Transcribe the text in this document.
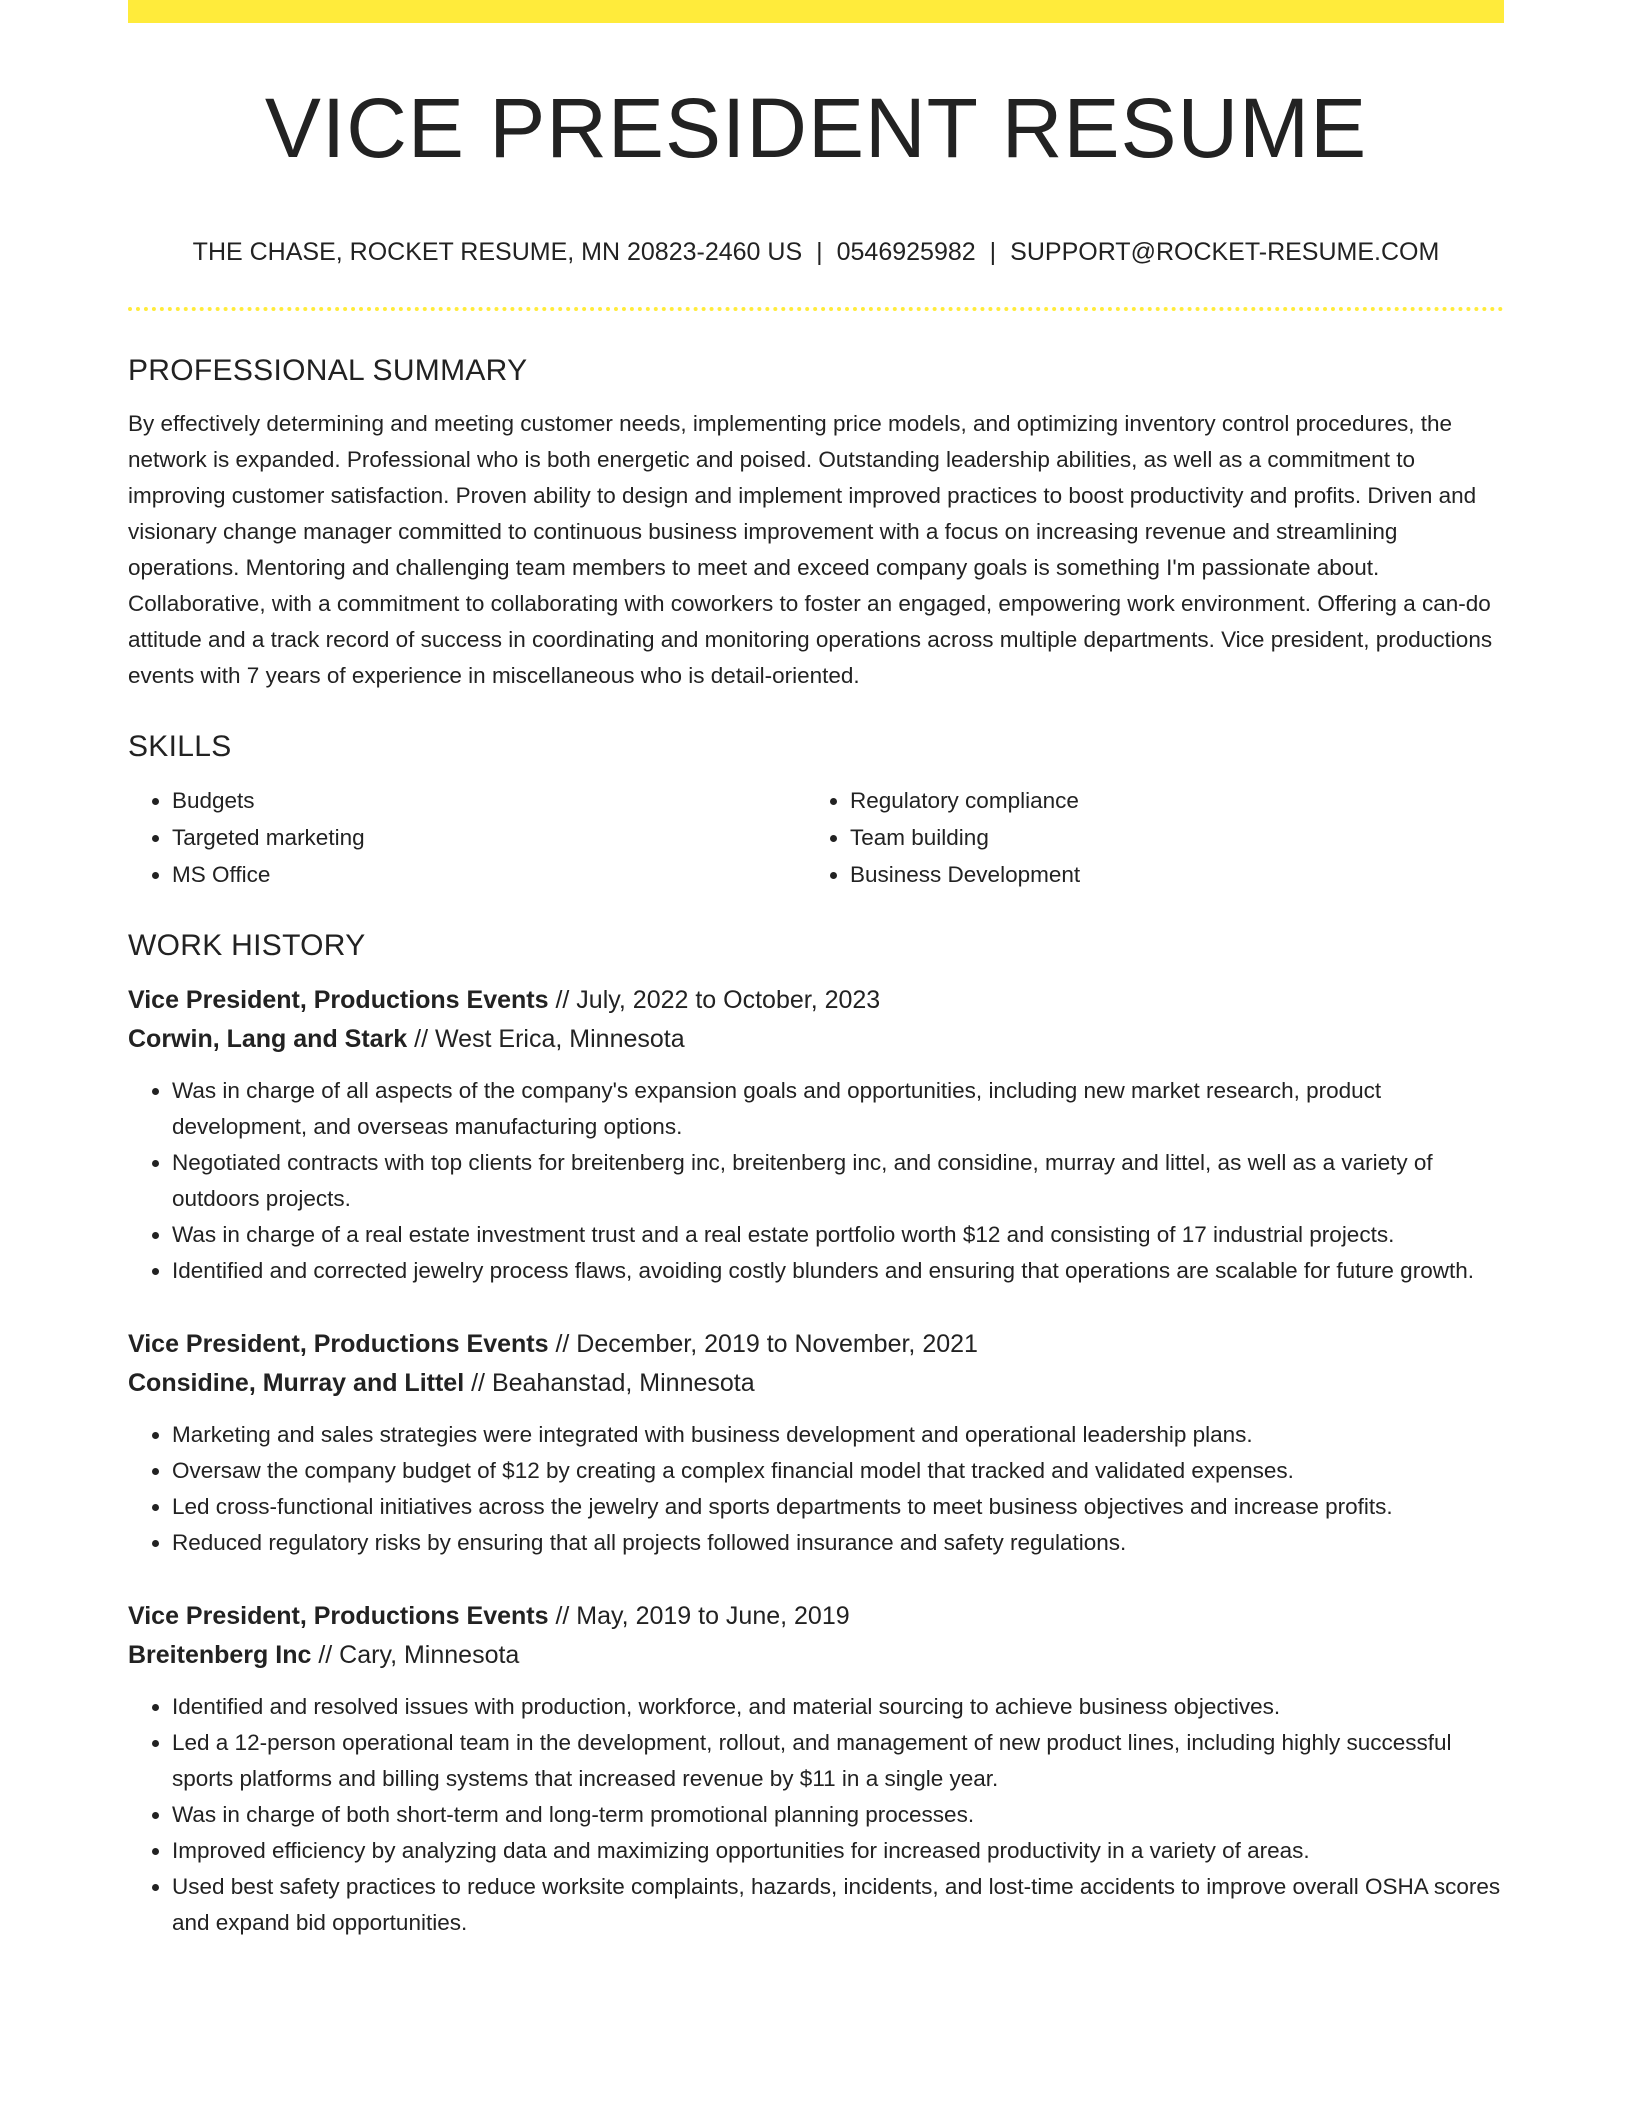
VICE PRESIDENT RESUME
THE CHASE, ROCKET RESUME, MN 20823-2460 US | 0546925982 | SUPPORT@ROCKET-RESUME.COM
PROFESSIONAL SUMMARY

By effectively determining and meeting customer needs, implementing price models, and optimizing inventory control procedures, the network is expanded. Professional who is both energetic and poised. Outstanding leadership abilities, as well as a commitment to improving customer satisfaction. Proven ability to design and implement improved practices to boost productivity and profits. Driven and visionary change manager committed to continuous business improvement with a focus on increasing revenue and streamlining operations. Mentoring and challenging team members to meet and exceed company goals is something I'm passionate about. Collaborative, with a commitment to collaborating with coworkers to foster an engaged, empowering work environment. Offering a can-do attitude and a track record of success in coordinating and monitoring operations across multiple departments. Vice president, productions events with 7 years of experience in miscellaneous who is detail-oriented.

SKILLS
• Budgets
• Targeted marketing
• MS Office
• Regulatory compliance
• Team building
• Business Development
WORK HISTORY
Vice President, Productions Events // July, 2022 to October, 2023
Corwin, Lang and Stark // West Erica, Minnesota
• Was in charge of all aspects of the company's expansion goals and opportunities, including new market research, product development, and overseas manufacturing options.
• Negotiated contracts with top clients for breitenberg inc, breitenberg inc, and considine, murray and littel, as well as a variety of outdoors projects.
• Was in charge of a real estate investment trust and a real estate portfolio worth $12 and consisting of 17 industrial projects.
• Identified and corrected jewelry process flaws, avoiding costly blunders and ensuring that operations are scalable for future growth.
Vice President, Productions Events // December, 2019 to November, 2021
Considine, Murray and Littel // Beahanstad, Minnesota
• Marketing and sales strategies were integrated with business development and operational leadership plans.
• Oversaw the company budget of $12 by creating a complex financial model that tracked and validated expenses.
• Led cross-functional initiatives across the jewelry and sports departments to meet business objectives and increase profits.
• Reduced regulatory risks by ensuring that all projects followed insurance and safety regulations.
Vice President, Productions Events // May, 2019 to June, 2019
Breitenberg Inc // Cary, Minnesota
• Identified and resolved issues with production, workforce, and material sourcing to achieve business objectives.
• Led a 12-person operational team in the development, rollout, and management of new product lines, including highly successful sports platforms and billing systems that increased revenue by $11 in a single year.
• Was in charge of both short-term and long-term promotional planning processes.
• Improved efficiency by analyzing data and maximizing opportunities for increased productivity in a variety of areas.
• Used best safety practices to reduce worksite complaints, hazards, incidents, and lost-time accidents to improve overall OSHA scores and expand bid opportunities.
